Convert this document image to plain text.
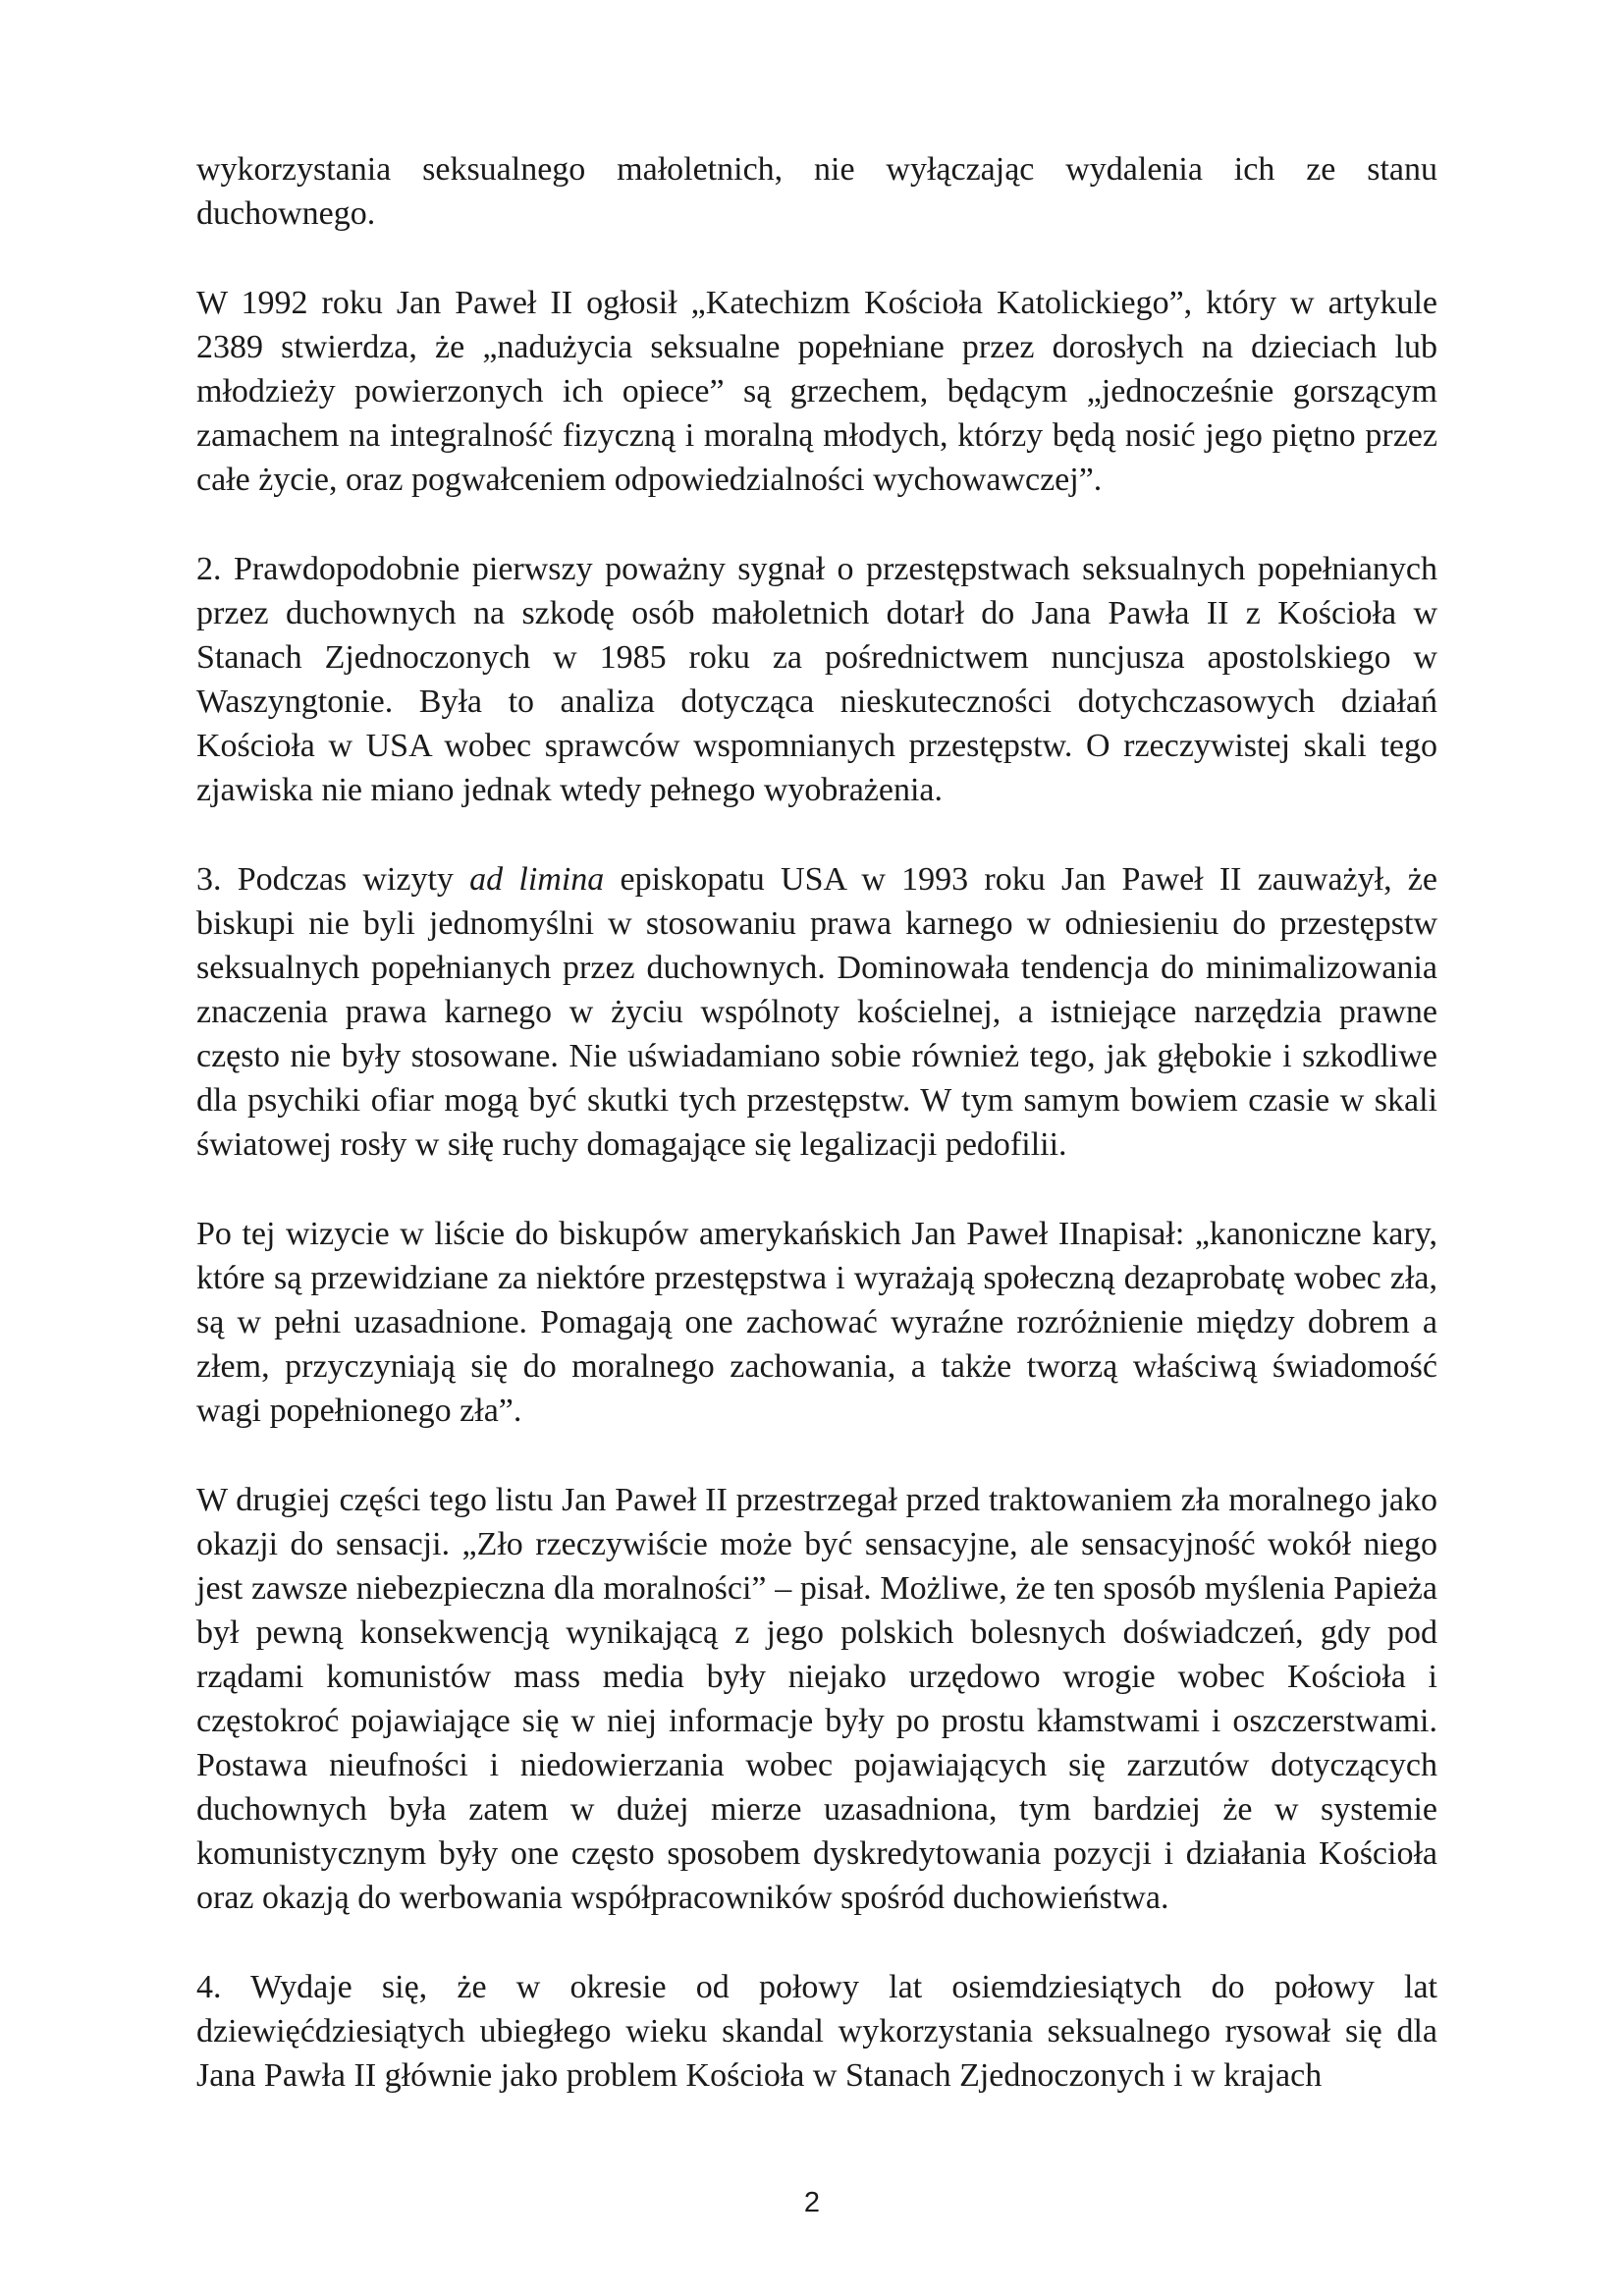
wykorzystania seksualnego małoletnich, nie wyłączając wydalenia ich ze stanu duchownego.

W 1992 roku Jan Paweł II ogłosił „Katechizm Kościoła Katolickiego”, który w artykule 2389 stwierdza, że „nadużycia seksualne popełniane przez dorosłych na dzieciach lub młodzieży powierzonych ich opiece” są grzechem, będącym „jednocześnie gorszącym zamachem na integralność fizyczną i moralną młodych, którzy będą nosić jego piętno przez całe życie, oraz pogwałceniem odpowiedzialności wychowawczej”.

2. Prawdopodobnie pierwszy poważny sygnał o przestępstwach seksualnych popełnianych przez duchownych na szkodę osób małoletnich dotarł do Jana Pawła II z Kościoła w Stanach Zjednoczonych w 1985 roku za pośrednictwem nuncjusza apostolskiego w Waszyngtonie. Była to analiza dotycząca nieskuteczności dotychczasowych działań Kościoła w USA wobec sprawców wspomnianych przestępstw. O rzeczywistej skali tego zjawiska nie miano jednak wtedy pełnego wyobrażenia.

3. Podczas wizyty ad limina episkopatu USA w 1993 roku Jan Paweł II zauważył, że biskupi nie byli jednomyślni w stosowaniu prawa karnego w odniesieniu do przestępstw seksualnych popełnianych przez duchownych. Dominowała tendencja do minimalizowania znaczenia prawa karnego w życiu wspólnoty kościelnej, a istniejące narzędzia prawne często nie były stosowane. Nie uświadamiano sobie również tego, jak głębokie i szkodliwe dla psychiki ofiar mogą być skutki tych przestępstw. W tym samym bowiem czasie w skali światowej rosły w siłę ruchy domagające się legalizacji pedofilii.

Po tej wizycie w liście do biskupów amerykańskich Jan Paweł IInapisał: „kanoniczne kary, które są przewidziane za niektóre przestępstwa i wyrażają społeczną dezaprobatę wobec zła, są w pełni uzasadnione. Pomagają one zachować wyraźne rozróżnienie między dobrem a złem, przyczyniają się do moralnego zachowania, a także tworzą właściwą świadomość wagi popełnionego zła”.

W drugiej części tego listu Jan Paweł II przestrzegał przed traktowaniem zła moralnego jako okazji do sensacji. „Zło rzeczywiście może być sensacyjne, ale sensacyjność wokół niego jest zawsze niebezpieczna dla moralności” – pisał. Możliwe, że ten sposób myślenia Papieża był pewną konsekwencją wynikającą z jego polskich bolesnych doświadczeń, gdy pod rządami komunistów mass media były niejako urzędowo wrogie wobec Kościoła i częstokroć pojawiające się w niej informacje były po prostu kłamstwami i oszczerstwami. Postawa nieufności i niedowierzania wobec pojawiających się zarzutów dotyczących duchownych była zatem w dużej mierze uzasadniona, tym bardziej że w systemie komunistycznym były one często sposobem dyskredytowania pozycji i działania Kościoła oraz okazją do werbowania współpracowników spośród duchowieństwa.

4. Wydaje się, że w okresie od połowy lat osiemdziesiątych do połowy lat dziewięćdziesiątych ubiegłego wieku skandal wykorzystania seksualnego rysował się dla Jana Pawła II głównie jako problem Kościoła w Stanach Zjednoczonych i w krajach

2
